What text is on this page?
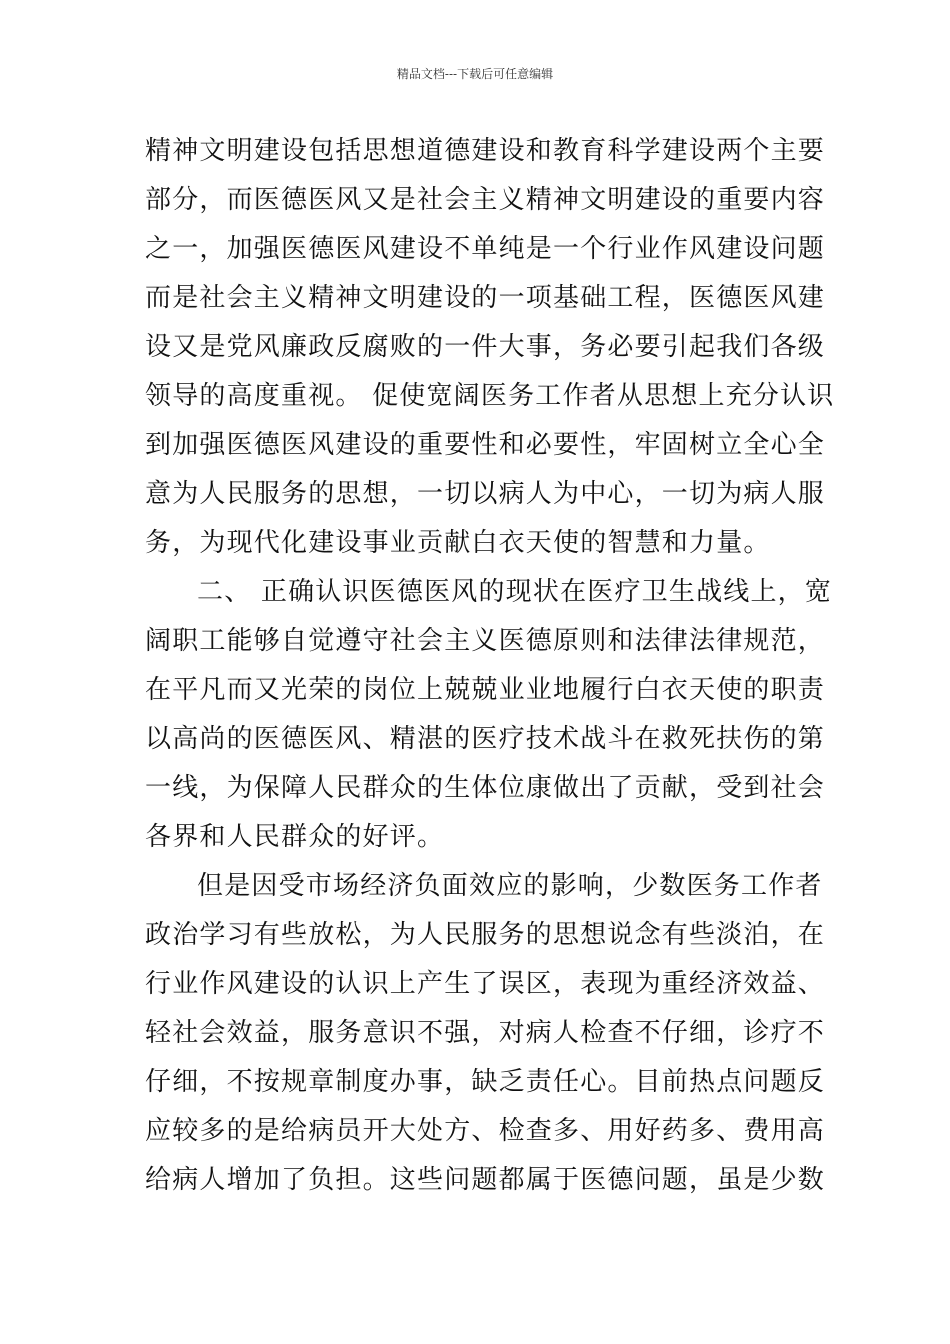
精品文档---下载后可任意编辑
精神文明建设包括思想道德建设和教育科学建设两个主要
部分，而医德医风又是社会主义精神文明建设的重要内容
之一，加强医德医风建设不单纯是一个行业作风建设问题
而是社会主义精神文明建设的一项基础工程，医德医风建
设又是党风廉政反腐败的一件大事，务必要引起我们各级
领导的高度重视。 促使宽阔医务工作者从思想上充分认识
到加强医德医风建设的重要性和必要性，牢固树立全心全
意为人民服务的思想，一切以病人为中心，一切为病人服
务，为现代化建设事业贡献白衣天使的智慧和力量。
二、 正确认识医德医风的现状在医疗卫生战线上，宽
阔职工能够自觉遵守社会主义医德原则和法律法律规范，
在平凡而又光荣的岗位上兢兢业业地履行白衣天使的职责
以高尚的医德医风、精湛的医疗技术战斗在救死扶伤的第
一线，为保障人民群众的生体位康做出了贡献，受到社会
各界和人民群众的好评。
但是因受市场经济负面效应的影响，少数医务工作者
政治学习有些放松，为人民服务的思想说念有些淡泊，在
行业作风建设的认识上产生了误区，表现为重经济效益、
轻社会效益，服务意识不强，对病人检查不仔细，诊疗不
仔细，不按规章制度办事，缺乏责任心。目前热点问题反
应较多的是给病员开大处方、检查多、用好药多、费用高
给病人增加了负担。这些问题都属于医德问题，虽是少数
